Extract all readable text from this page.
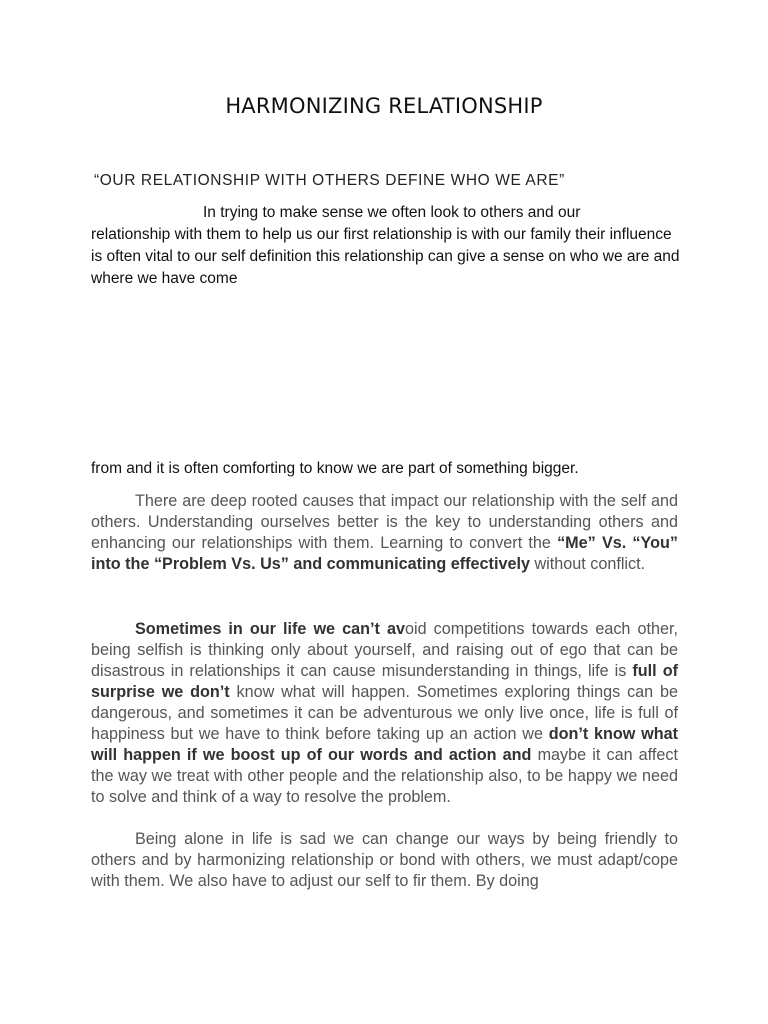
HARMONIZING RELATIONSHIP
“OUR RELATIONSHIP WITH OTHERS DEFINE WHO WE ARE”
In trying to make sense we often look to others and our
relationship with them to help us our first relationship is with our family their influence is often vital to our self definition this relationship can give a sense on who we are and where we have come
from and it is often comforting to know we are part of something bigger.
There are deep rooted causes that impact our relationship with the self and others. Understanding ourselves better is the key to understanding others and enhancing our relationships with them. Learning to convert the “Me” Vs. “You” into the “Problem Vs. Us” and communicating effectively without conflict.
Sometimes in our life we can’t avoid competitions towards each other, being selfish is thinking only about yourself, and raising out of ego that can be disastrous in relationships it can cause misunderstanding in things, life is full of surprise we don’t know what will happen. Sometimes exploring things can be dangerous, and sometimes it can be adventurous we only live once, life is full of happiness but we have to think before taking up an action we don’t know what will happen if we boost up of our words and action and maybe it can affect the way we treat with other people and the relationship also, to be happy we need to solve and think of a way to resolve the problem.
Being alone in life is sad we can change our ways by being friendly to others and by harmonizing relationship or bond with others, we must adapt/cope with them. We also have to adjust our self to fir them. By doing
